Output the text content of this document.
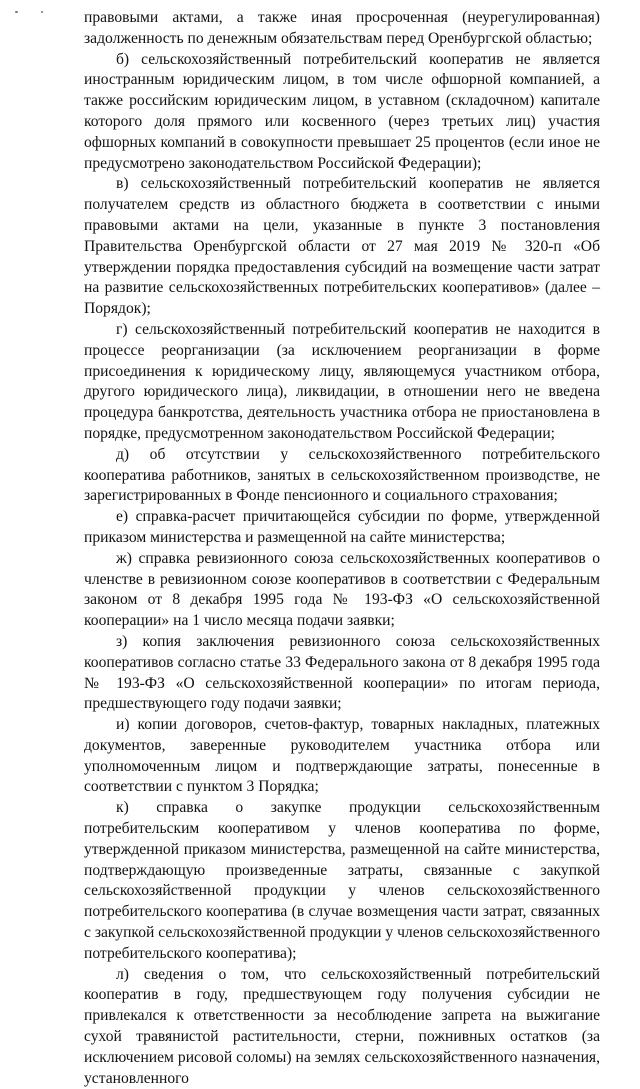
правовыми актами, а также иная просроченная (неурегулированная) задолженность по денежным обязательствам перед Оренбургской областью;

б) сельскохозяйственный потребительский кооператив не является иностранным юридическим лицом, в том числе офшорной компанией, а также российским юридическим лицом, в уставном (складочном) капитале которого доля прямого или косвенного (через третьих лиц) участия офшорных компаний в совокупности превышает 25 процентов (если иное не предусмотрено законодательством Российской Федерации);

в) сельскохозяйственный потребительский кооператив не является получателем средств из областного бюджета в соответствии с иными правовыми актами на цели, указанные в пункте 3 постановления Правительства Оренбургской области от 27 мая 2019 № 320-п «Об утверждении порядка предоставления субсидий на возмещение части затрат на развитие сельскохозяйственных потребительских кооперативов» (далее – Порядок);

г) сельскохозяйственный потребительский кооператив не находится в процессе реорганизации (за исключением реорганизации в форме присоединения к юридическому лицу, являющемуся участником отбора, другого юридического лица), ликвидации, в отношении него не введена процедура банкротства, деятельность участника отбора не приостановлена в порядке, предусмотренном законодательством Российской Федерации;

д) об отсутствии у сельскохозяйственного потребительского кооператива работников, занятых в сельскохозяйственном производстве, не зарегистрированных в Фонде пенсионного и социального страхования;

е) справка-расчет причитающейся субсидии по форме, утвержденной приказом министерства и размещенной на сайте министерства;

ж) справка ревизионного союза сельскохозяйственных кооперативов о членстве в ревизионном союзе кооперативов в соответствии с Федеральным законом от 8 декабря 1995 года № 193-ФЗ «О сельскохозяйственной кооперации» на 1 число месяца подачи заявки;

з) копия заключения ревизионного союза сельскохозяйственных кооперативов согласно статье 33 Федерального закона от 8 декабря 1995 года № 193-ФЗ «О сельскохозяйственной кооперации» по итогам периода, предшествующего году подачи заявки;

и) копии договоров, счетов-фактур, товарных накладных, платежных документов, заверенные руководителем участника отбора или уполномоченным лицом и подтверждающие затраты, понесенные в соответствии с пунктом 3 Порядка;

к) справка о закупке продукции сельскохозяйственным потребительским кооперативом у членов кооператива по форме, утвержденной приказом министерства, размещенной на сайте министерства, подтверждающую произведенные затраты, связанные с закупкой сельскохозяйственной продукции у членов сельскохозяйственного потребительского кооператива (в случае возмещения части затрат, связанных с закупкой сельскохозяйственной продукции у членов сельскохозяйственного потребительского кооператива);

л) сведения о том, что сельскохозяйственный потребительский кооператив в году, предшествующем году получения субсидии не привлекался к ответственности за несоблюдение запрета на выжигание сухой травянистой растительности, стерни, пожнивных остатков (за исключением рисовой соломы) на землях сельскохозяйственного назначения, установленного
